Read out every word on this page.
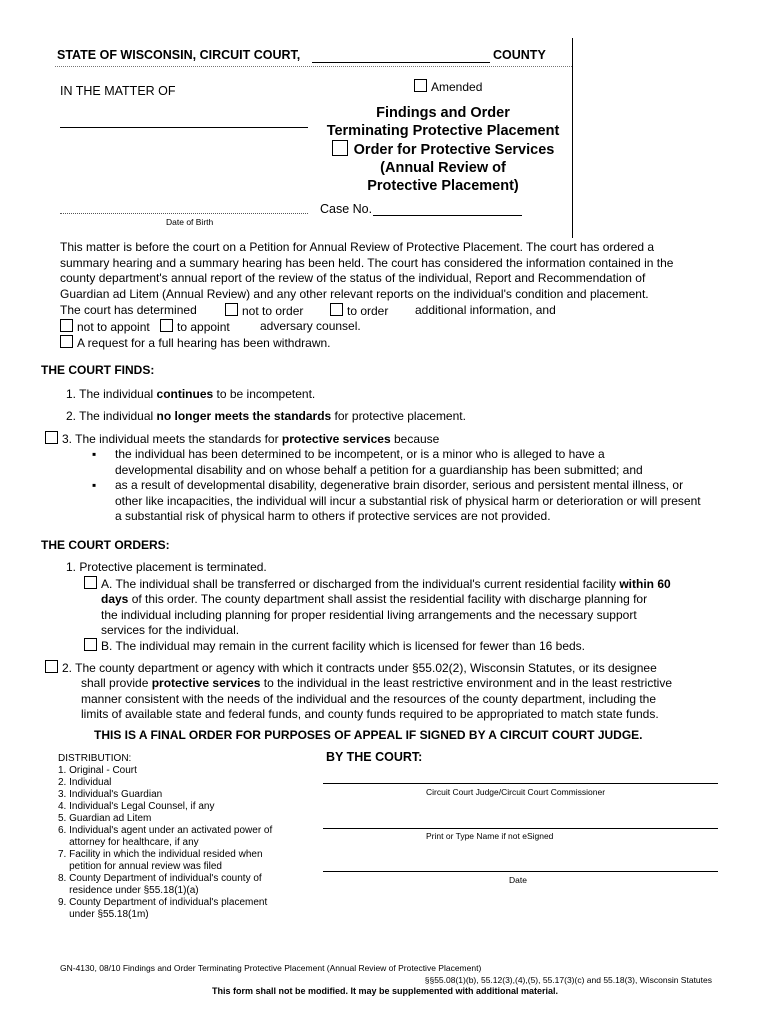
STATE OF WISCONSIN, CIRCUIT COURT,	COUNTY
IN THE MATTER OF
Date of Birth
Amended
Findings and Order
Terminating Protective Placement
Order for Protective Services
(Annual Review of
Protective Placement)
Case No.
This matter is before the court on a Petition for Annual Review of Protective Placement. The court has ordered a
summary hearing and a summary hearing has been held. The court has considered the information contained in the
county department's annual report of the review of the status of the individual, Report and Recommendation of
Guardian ad Litem (Annual Review) and any other relevant reports on the individual's condition and placement.
The court has determined	not to order	to order additional information, and
not to appoint	to appoint	adversary counsel.
A request for a full hearing has been withdrawn.
THE COURT FINDS:
1. The individual continues to be incompetent.
2. The individual no longer meets the standards for protective placement.
3. The individual meets the standards for protective services because
▪ the individual has been determined to be incompetent, or is a minor who is alleged to have a
developmental disability and on whose behalf a petition for a guardianship has been submitted; and
▪ as a result of developmental disability, degenerative brain disorder, serious and persistent mental illness, or
other like incapacities, the individual will incur a substantial risk of physical harm or deterioration or will present
a substantial risk of physical harm to others if protective services are not provided.
THE COURT ORDERS:
1. Protective placement is terminated.
A. The individual shall be transferred or discharged from the individual's current residential facility within 60
days of this order. The county department shall assist the residential facility with discharge planning for
the individual including planning for proper residential living arrangements and the necessary support
services for the individual.
B. The individual may remain in the current facility which is licensed for fewer than 16 beds.
2. The county department or agency with which it contracts under §55.02(2), Wisconsin Statutes, or its designee
shall provide protective services to the individual in the least restrictive environment and in the least restrictive
manner consistent with the needs of the individual and the resources of the county department, including the
limits of available state and federal funds, and county funds required to be appropriated to match state funds.
THIS IS A FINAL ORDER FOR PURPOSES OF APPEAL IF SIGNED BY A CIRCUIT COURT JUDGE.
DISTRIBUTION:
1. Original - Court
2. Individual
3. Individual's Guardian
4. Individual's Legal Counsel, if any
5. Guardian ad Litem
6. Individual's agent under an activated power of
attorney for healthcare, if any
7. Facility in which the individual resided when
petition for annual review was filed
8. County Department of individual's county of
residence under §55.18(1)(a)
9. County Department of individual's placement
under §55.18(1m)
BY THE COURT:
Circuit Court Judge/Circuit Court Commissioner
Print or Type Name if not eSigned
Date
GN-4130, 08/10 Findings and Order Terminating Protective Placement (Annual Review of Protective Placement)
§§55.08(1)(b), 55.12(3),(4),(5), 55.17(3)(c) and 55.18(3), Wisconsin Statutes
This form shall not be modified. It may be supplemented with additional material.
